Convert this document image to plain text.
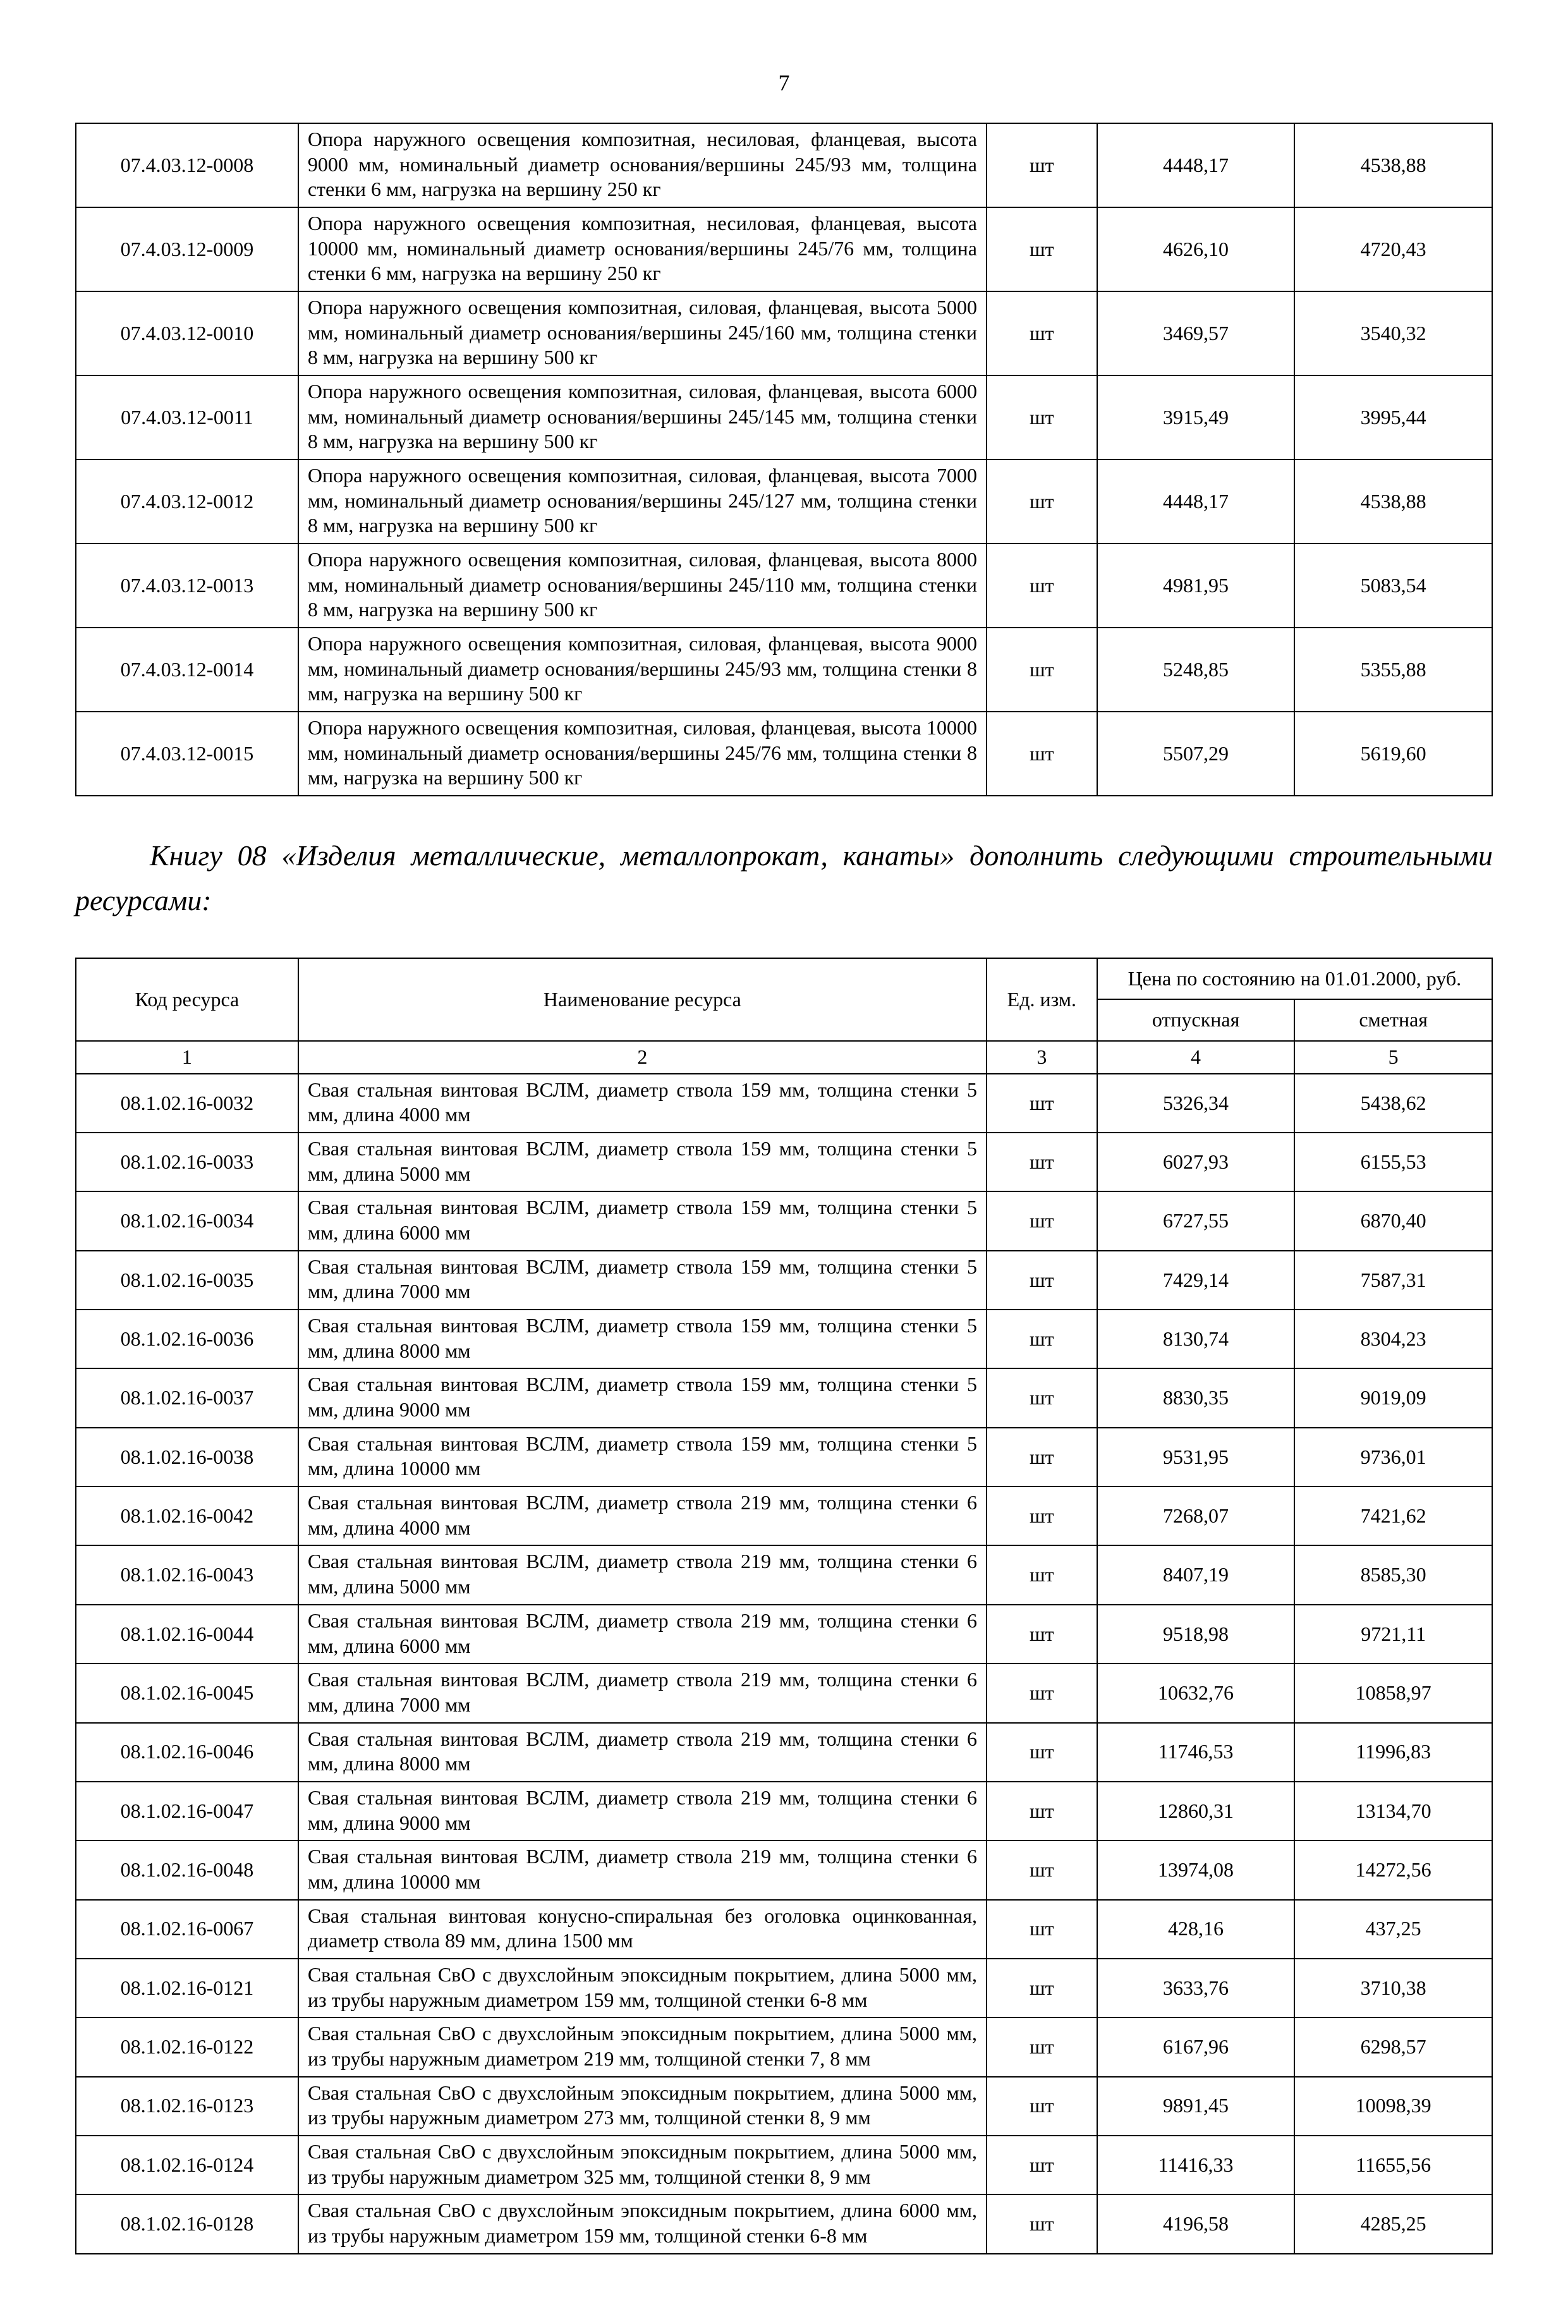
7
07.4.03.12-0008	Опора наружного освещения композитная, несиловая, фланцевая, высота 9000 мм, номинальный диаметр основания/вершины 245/93 мм, толщина стенки 6 мм, нагрузка на вершину 250 кг	шт	4448,17	4538,88
07.4.03.12-0009	Опора наружного освещения композитная, несиловая, фланцевая, высота 10000 мм, номинальный диаметр основания/вершины 245/76 мм, толщина стенки 6 мм, нагрузка на вершину 250 кг	шт	4626,10	4720,43
07.4.03.12-0010	Опора наружного освещения композитная, силовая, фланцевая, высота 5000 мм, номинальный диаметр основания/вершины 245/160 мм, толщина стенки 8 мм, нагрузка на вершину 500 кг	шт	3469,57	3540,32
07.4.03.12-0011	Опора наружного освещения композитная, силовая, фланцевая, высота 6000 мм, номинальный диаметр основания/вершины 245/145 мм, толщина стенки 8 мм, нагрузка на вершину 500 кг	шт	3915,49	3995,44
07.4.03.12-0012	Опора наружного освещения композитная, силовая, фланцевая, высота 7000 мм, номинальный диаметр основания/вершины 245/127 мм, толщина стенки 8 мм, нагрузка на вершину 500 кг	шт	4448,17	4538,88
07.4.03.12-0013	Опора наружного освещения композитная, силовая, фланцевая, высота 8000 мм, номинальный диаметр основания/вершины 245/110 мм, толщина стенки 8 мм, нагрузка на вершину 500 кг	шт	4981,95	5083,54
07.4.03.12-0014	Опора наружного освещения композитная, силовая, фланцевая, высота 9000 мм, номинальный диаметр основания/вершины 245/93 мм, толщина стенки 8 мм, нагрузка на вершину 500 кг	шт	5248,85	5355,88
07.4.03.12-0015	Опора наружного освещения композитная, силовая, фланцевая, высота 10000 мм, номинальный диаметр основания/вершины 245/76 мм, толщина стенки 8 мм, нагрузка на вершину 500 кг	шт	5507,29	5619,60

Книгу 08 «Изделия металлические, металлопрокат, канаты» дополнить следующими строительными ресурсами:

Код ресурса	Наименование ресурса	Ед. изм.	Цена по состоянию на 01.01.2000, руб.	
			отпускная	сметная
1	2	3	4	5
08.1.02.16-0032	Свая стальная винтовая ВСЛМ, диаметр ствола 159 мм, толщина стенки 5 мм, длина 4000 мм	шт	5326,34	5438,62
08.1.02.16-0033	Свая стальная винтовая ВСЛМ, диаметр ствола 159 мм, толщина стенки 5 мм, длина 5000 мм	шт	6027,93	6155,53
08.1.02.16-0034	Свая стальная винтовая ВСЛМ, диаметр ствола 159 мм, толщина стенки 5 мм, длина 6000 мм	шт	6727,55	6870,40
08.1.02.16-0035	Свая стальная винтовая ВСЛМ, диаметр ствола 159 мм, толщина стенки 5 мм, длина 7000 мм	шт	7429,14	7587,31
08.1.02.16-0036	Свая стальная винтовая ВСЛМ, диаметр ствола 159 мм, толщина стенки 5 мм, длина 8000 мм	шт	8130,74	8304,23
08.1.02.16-0037	Свая стальная винтовая ВСЛМ, диаметр ствола 159 мм, толщина стенки 5 мм, длина 9000 мм	шт	8830,35	9019,09
08.1.02.16-0038	Свая стальная винтовая ВСЛМ, диаметр ствола 159 мм, толщина стенки 5 мм, длина 10000 мм	шт	9531,95	9736,01
08.1.02.16-0042	Свая стальная винтовая ВСЛМ, диаметр ствола 219 мм, толщина стенки 6 мм, длина 4000 мм	шт	7268,07	7421,62
08.1.02.16-0043	Свая стальная винтовая ВСЛМ, диаметр ствола 219 мм, толщина стенки 6 мм, длина 5000 мм	шт	8407,19	8585,30
08.1.02.16-0044	Свая стальная винтовая ВСЛМ, диаметр ствола 219 мм, толщина стенки 6 мм, длина 6000 мм	шт	9518,98	9721,11
08.1.02.16-0045	Свая стальная винтовая ВСЛМ, диаметр ствола 219 мм, толщина стенки 6 мм, длина 7000 мм	шт	10632,76	10858,97
08.1.02.16-0046	Свая стальная винтовая ВСЛМ, диаметр ствола 219 мм, толщина стенки 6 мм, длина 8000 мм	шт	11746,53	11996,83
08.1.02.16-0047	Свая стальная винтовая ВСЛМ, диаметр ствола 219 мм, толщина стенки 6 мм, длина 9000 мм	шт	12860,31	13134,70
08.1.02.16-0048	Свая стальная винтовая ВСЛМ, диаметр ствола 219 мм, толщина стенки 6 мм, длина 10000 мм	шт	13974,08	14272,56
08.1.02.16-0067	Свая стальная винтовая конусно-спиральная без оголовка оцинкованная, диаметр ствола 89 мм, длина 1500 мм	шт	428,16	437,25
08.1.02.16-0121	Свая стальная СвО с двухслойным эпоксидным покрытием, длина 5000 мм, из трубы наружным диаметром 159 мм, толщиной стенки 6-8 мм	шт	3633,76	3710,38
08.1.02.16-0122	Свая стальная СвО с двухслойным эпоксидным покрытием, длина 5000 мм, из трубы наружным диаметром 219 мм, толщиной стенки 7, 8 мм	шт	6167,96	6298,57
08.1.02.16-0123	Свая стальная СвО с двухслойным эпоксидным покрытием, длина 5000 мм, из трубы наружным диаметром 273 мм, толщиной стенки 8, 9 мм	шт	9891,45	10098,39
08.1.02.16-0124	Свая стальная СвО с двухслойным эпоксидным покрытием, длина 5000 мм, из трубы наружным диаметром 325 мм, толщиной стенки 8, 9 мм	шт	11416,33	11655,56
08.1.02.16-0128	Свая стальная СвО с двухслойным эпоксидным покрытием, длина 6000 мм, из трубы наружным диаметром 159 мм, толщиной стенки 6-8 мм	шт	4196,58	4285,25
